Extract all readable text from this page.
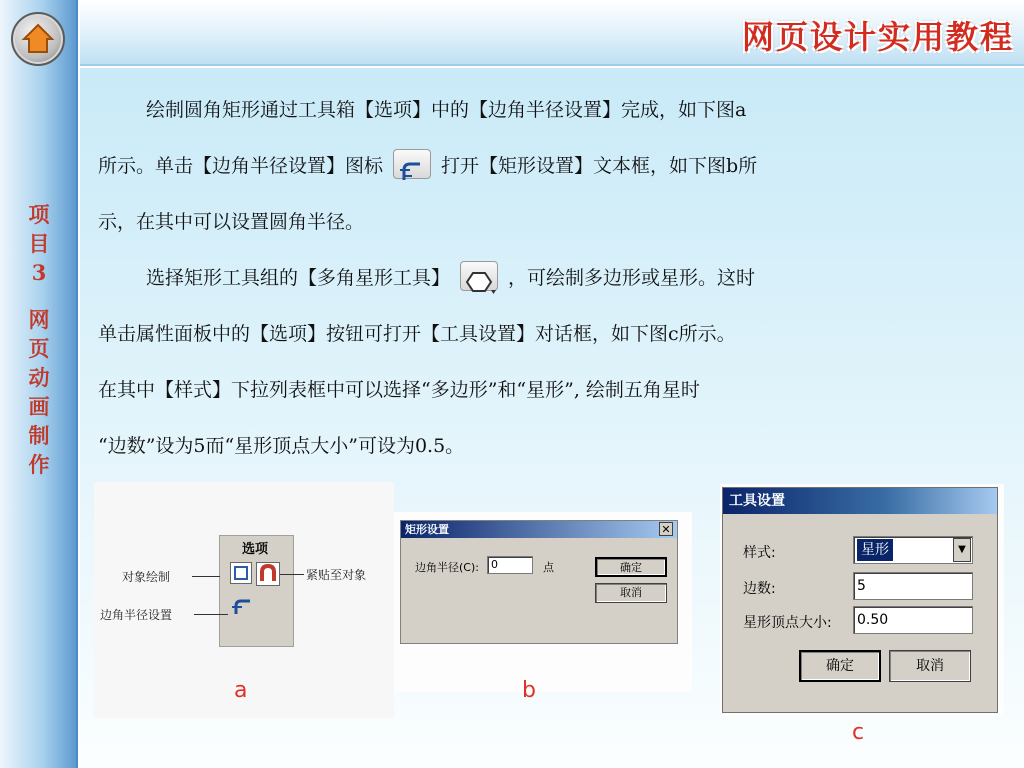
项
目
3
网
页
动
画
制
作
网页设计实用教程

绘制圆角矩形通过工具箱【选项】中的【边角半径设置】完成，如下图a

所示。单击【边角半径设置】图标	打开【矩形设置】文本框，如下图b所

示，在其中可以设置圆角半径。

选择矩形工具组的【多角星形工具】	，可绘制多边形或星形。这时

单击属性面板中的【选项】按钮可打开【工具设置】对话框，如下图c所示。

在其中【样式】下拉列表框中可以选择“多边形”和“星形”, 绘制五角星时

“边数”设为5而“星形顶点大小”可设为0.5。

选项
对象绘制	紧贴至对象
边角半径设置
a
矩形设置	✕
边角半径(C):	0	点	确定
取消
b
工具设置
样式:	星形	▼
边数:	5
星形顶点大小: 0.50
确定	取消
c
